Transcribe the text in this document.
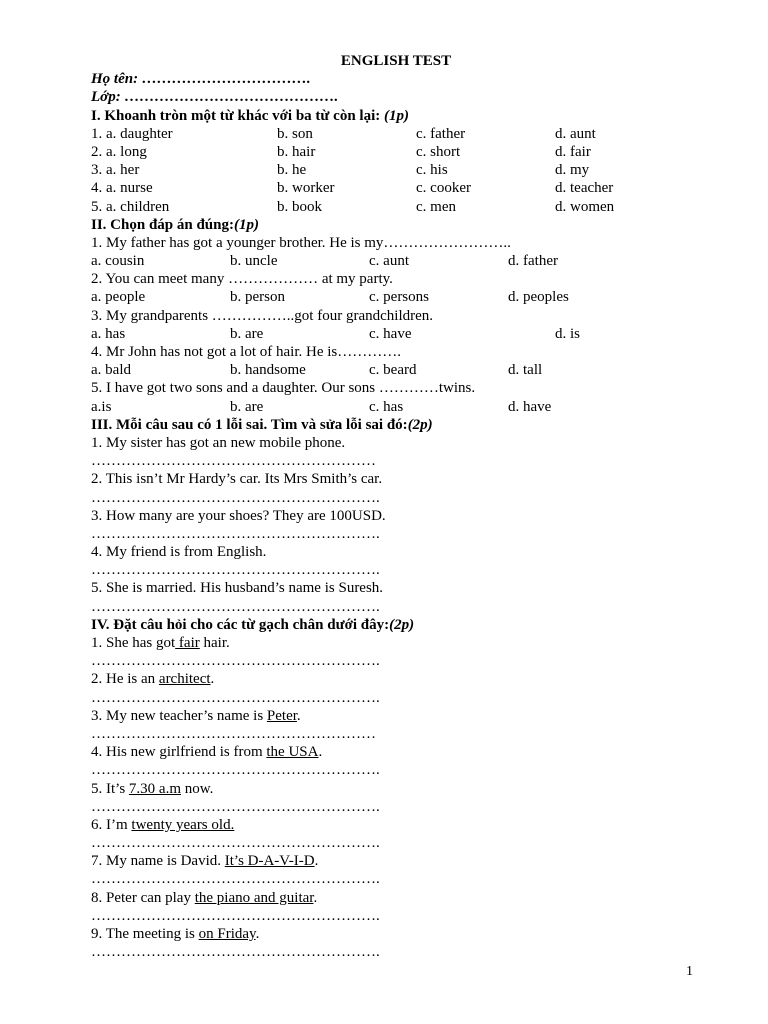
ENGLISH TEST
Họ tên: …………………………….
Lớp: …………………………………….
I. Khoanh tròn một từ khác với ba từ còn lại: (1p)
1. a. daughter	b. son	c. father	d. aunt
2. a. long	b. hair	c. short	d. fair
3. a. her	b. he	c. his	d. my
4. a. nurse	b. worker	c. cooker	d. teacher
5. a. children	b. book	c. men	d. women
II. Chọn đáp án đúng:(1p)
1. My father has got a younger brother. He is my……………………..
a. cousin	b. uncle	c. aunt	d. father
2. You can meet many ……………… at my party.
a. people	b. person	c. persons	d. peoples
3. My grandparents ……………..got four grandchildren.
a. has	b. are	c. have	d. is
4. Mr John has not got a lot of hair. He is………….
a. bald	b. handsome	c. beard	d. tall
5. I have got two sons and a daughter. Our sons …………twins.
a.is	b. are	c. has	d. have
III. Mỗi câu sau có 1 lỗi sai. Tìm và sửa lỗi sai đó:(2p)
1. My sister has got an new mobile phone.
…………………………………………………
2. This isn’t Mr Hardy’s car. Its Mrs Smith’s car.
………………………………………………….
3. How many are your shoes? They are 100USD.
………………………………………………….
4. My friend is from English.
………………………………………………….
5. She is married. His husband’s name is Suresh.
………………………………………………….
IV. Đặt câu hỏi cho các từ gạch chân dưới đây:(2p)
1. She has got fair hair.
………………………………………………….
2. He is an architect.
………………………………………………….
3. My new teacher’s name is Peter.
…………………………………………………
4. His new girlfriend is from the USA.
………………………………………………….
5. It’s 7.30 a.m now.
………………………………………………….
6. I’m twenty years old.
………………………………………………….
7. My name is David. It’s D-A-V-I-D.
………………………………………………….
8. Peter can play the piano and guitar.
………………………………………………….
9. The meeting is on Friday.
………………………………………………….
1
